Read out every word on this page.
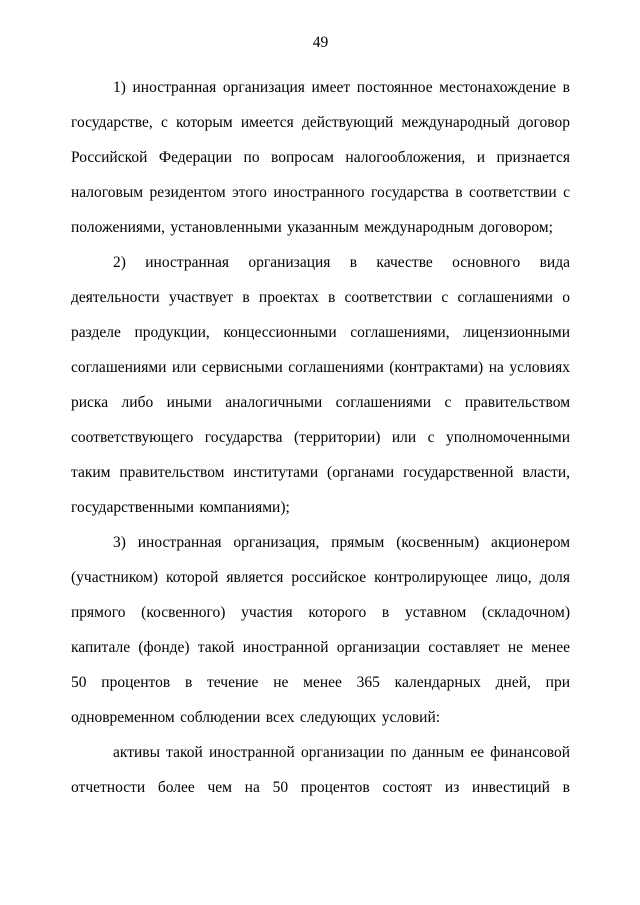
49

1) иностранная организация имеет постоянное местонахождение в государстве, с которым имеется действующий международный договор Российской Федерации по вопросам налогообложения, и признается налоговым резидентом этого иностранного государства в соответствии с положениями, установленными указанным международным договором;

2) иностранная организация в качестве основного вида деятельности участвует в проектах в соответствии с соглашениями о разделе продукции, концессионными соглашениями, лицензионными соглашениями или сервисными соглашениями (контрактами) на условиях риска либо иными аналогичными соглашениями с правительством соответствующего государства (территории) или с уполномоченными таким правительством институтами (органами государственной власти, государственными компаниями);

3) иностранная организация, прямым (косвенным) акционером (участником) которой является российское контролирующее лицо, доля прямого (косвенного) участия которого в уставном (складочном) капитале (фонде) такой иностранной организации составляет не менее 50 процентов в течение не менее 365 календарных дней, при одновременном соблюдении всех следующих условий:

активы такой иностранной организации по данным ее финансовой отчетности более чем на 50 процентов состоят из инвестиций в
